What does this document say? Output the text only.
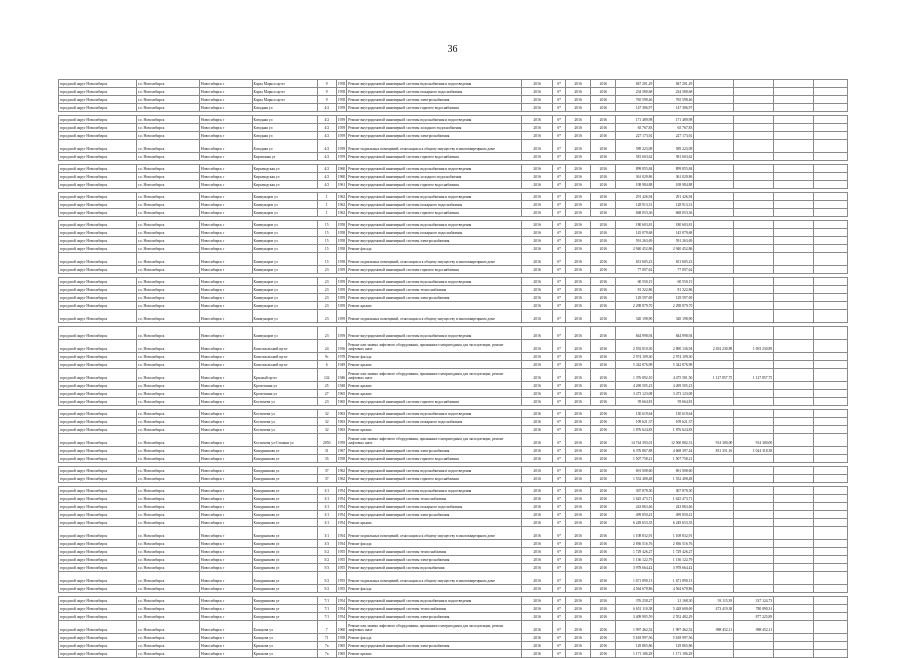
36
городской округ Новосибирск	г.о. Новосибирск	Новосибирск г	Карла Маркса пр-кт	9	1958	Ремонт внутридомовой инженерной системы водоснабжения и водоотведения	2016	6*	2016	2016	847 201,29	847 201,29				
городской округ Новосибирск	г.о. Новосибирск	Новосибирск г	Карла Маркса пр-кт	9	1958	Ремонт внутридомовой инженерной системы пожарного водоснабжения	2016	6*	2016	2016	234 580,68	234 580,68				
городской округ Новосибирск	г.о. Новосибирск	Новосибирск г	Карла Маркса пр-кт	9	1958	Ремонт внутридомовой инженерной системы электроснабжения	2016	6*	2016	2016	765 598,46	765 598,46				
городской округ Новосибирск	г.о. Новосибирск	Новосибирск г	Катодная ул	4/2	1959	Ремонт внутридомовой инженерной системы горячего водоснабжения	2016	6*	2016	2016	147 386,97	147 386,97				

городской округ Новосибирск	г.о. Новосибирск	Новосибирск г	Катодная ул	4/2	1959	Ремонт внутридомовой инженерной системы водоснабжения и водоотведения	2016	6*	2016	2016	171 489,98	171 489,98				
городской округ Новосибирск	г.о. Новосибирск	Новосибирск г	Катодная ул	4/2	1959	Ремонт внутридомовой инженерной системы холодного водоснабжения	2016	6*	2016	2016	65 767,83	65 767,83				
городской округ Новосибирск	г.о. Новосибирск	Новосибирск г	Катодная ул	4/2	1959	Ремонт внутридомовой инженерной системы электроснабжения	2016	6*	2016	2016	227 173,92	227 173,92				
городской округ Новосибирск	г.о. Новосибирск	Новосибирск г	Катодная ул	4/2	1959	Ремонт подвальных помещений, относящихся к общему имуществу в многоквартирном доме	2016	6*	2016	2016	589 223,08	589 223,08				
городской округ Новосибирск	г.о. Новосибирск	Новосибирск г	Кирпичная ул	4/2	1959	Ремонт внутридомовой инженерной системы горячего водоснабжения	2016	6*	2016	2016	581 603,62	581 603,62				

городской округ Новосибирск	г.о. Новосибирск	Новосибирск г	Кирзаводская ул	4/2	1960	Ремонт внутридомовой инженерной системы водоснабжения и водоотведения	2016	6*	2016	2016	899 855,84	899 855,84				
городской округ Новосибирск	г.о. Новосибирск	Новосибирск г	Кирзаводская ул	4/2	1960	Ремонт внутридомовой инженерной системы холодного водоснабжения	2016	6*	2016	2016	361 029,86	361 029,86				
городской округ Новосибирск	г.о. Новосибирск	Новосибирск г	Кирзаводская ул	4/2	1961	Ремонт внутридомовой инженерной системы горячего водоснабжения	2016	6*	2016	2016	108 984,88	108 984,88				

городской округ Новосибирск	г.о. Новосибирск	Новосибирск г	Коммунаров ул	1	1962	Ремонт внутридомовой инженерной системы водоснабжения и водоотведения	2016	6*	2016	2016	291 426,94	291 426,94				
городской округ Новосибирск	г.о. Новосибирск	Новосибирск г	Коммунаров ул	1	1962	Ремонт внутридомовой инженерной системы пожарного водоснабжения	2016	6*	2016	2016	128 913,31	128 913,31				
городской округ Новосибирск	г.о. Новосибирск	Новосибирск г	Коммунаров ул	1	1962	Ремонт внутридомовой инженерной системы горячего водоснабжения	2016	6*	2016	2016	668 053,36	668 053,36				

городской округ Новосибирск	г.о. Новосибирск	Новосибирск г	Коммунаров ул	15	1958	Ремонт внутридомовой инженерной системы водоснабжения и водоотведения	2016	6*	2016	2016	180 603,81	180 603,81				
городской округ Новосибирск	г.о. Новосибирск	Новосибирск г	Коммунаров ул	15	1958	Ремонт внутридомовой инженерной системы пожарного водоснабжения	2016	6*	2016	2016	145 079,68	145 079,68				
городской округ Новосибирск	г.о. Новосибирск	Новосибирск г	Коммунаров ул	15	1958	Ремонт внутридомовой инженерной системы электроснабжения	2016	6*	2016	2016	591 263,69	591 263,69				
городской округ Новосибирск	г.о. Новосибирск	Новосибирск г	Коммунаров ул	15	1958	Ремонт фасада	2016	6*	2016	2016	2 940 452,86	2 940 452,86				
городской округ Новосибирск	г.о. Новосибирск	Новосибирск г	Коммунаров ул	15	1958	Ремонт подвальных помещений, относящихся к общему имуществу в многоквартирном доме	2016	6*	2016	2016	651 605,23	651 605,23				
городской округ Новосибирск	г.о. Новосибирск	Новосибирск г	Коммунаров ул	23	1959	Ремонт внутридомовой инженерной системы горячего водоснабжения	2016	6*	2016	2016	77 097,62	77 097,62				

городской округ Новосибирск	г.о. Новосибирск	Новосибирск г	Коммунаров ул	23	1959	Ремонт внутридомовой инженерной системы водоснабжения и водоотведения	2016	6*	2016	2016	60 550,15	60 550,15				
городской округ Новосибирск	г.о. Новосибирск	Новосибирск г	Коммунаров ул	23	1959	Ремонт внутридомовой инженерной системы теплоснабжения	2016	6*	2016	2016	81 322,86	81 322,86				
городской округ Новосибирск	г.о. Новосибирск	Новосибирск г	Коммунаров ул	23	1959	Ремонт внутридомовой инженерной системы электроснабжения	2016	6*	2016	2016	129 597,69	129 597,69				
городской округ Новосибирск	г.о. Новосибирск	Новосибирск г	Коммунаров ул	23	1959	Ремонт крыши	2016	6*	2016	2016	2 298 879,70	2 298 879,70				
городской округ Новосибирск	г.о. Новосибирск	Новосибирск г	Коммунаров ул	23	1959	Ремонт подвальных помещений, относящихся к общему имуществу в многоквартирном доме	2016	6*	2016	2016	320 198,90	320 198,90				

городской округ Новосибирск	г.о. Новосибирск	Новосибирск г	Коммунаров ул	23	1959	Ремонт внутридомовой инженерной системы водоснабжения и водоотведения	2016	6*	2016	2016	844 998,94	844 998,94				
городской округ Новосибирск	г.о. Новосибирск	Новосибирск г	Комсомольский пр-кт	24	1956	Ремонт или замена лифтового оборудования, признанного непригодным для эксплуатации, ремонт лифтовых шахт	2016	6*	2016	2016	2 592 810,30	2 890 136,94	2 492 230,89	1 693 230,89		
городской округ Новосибирск	г.о. Новосибирск	Новосибирск г	Комсомольский пр-кт	9с	1978	Ремонт фасада	2016	6*	2016	2016	2 974 109,30	2 974 109,30				
городской округ Новосибирск	г.о. Новосибирск	Новосибирск г	Комсомольский пр-кт	6	1949	Ремонт крыши	2016	6*	2016	2016	5 342 876,98	5 342 876,98				
городской округ Новосибирск	г.о. Новосибирск	Новосибирск г	Красный пр-кт	142	1946	Ремонт или замена лифтового оборудования, признанного непригодным для эксплуатации, ремонт лифтовых шахт	2016	6*	2016	2016	1 376 092,10	4 475 581,50	1 127 857,75	1 127 857,75		
городской округ Новосибирск	г.о. Новосибирск	Новосибирск г	Кропоткина ул	25	1948	Ремонт крыши	2016	6*	2016	2016	4 269 505,23	4 269 505,23				
городской округ Новосибирск	г.о. Новосибирск	Новосибирск г	Кропоткина ул	27	1965	Ремонт крыши	2016	6*	2016	2016	3 473 123,08	3 473 123,08				
городской округ Новосибирск	г.о. Новосибирск	Новосибирск г	Костычева ул	23	1965	Ремонт внутридомовой инженерной системы горячего водоснабжения	2016	6*	2016	2016	59 664,81	59 664,81				

городской округ Новосибирск	г.о. Новосибирск	Новосибирск г	Костычева ул	32	1963	Ремонт внутридомовой инженерной системы водоснабжения и водоотведения	2016	6*	2016	2016	130 619,64	130 619,64				
городской округ Новосибирск	г.о. Новосибирск	Новосибирск г	Костычева ул	32	1963	Ремонт внутридомовой инженерной системы пожарного водоснабжения	2016	6*	2016	2016	109 621,37	109 621,37				
городской округ Новосибирск	г.о. Новосибирск	Новосибирск г	Костычева ул	32	1963	Ремонт крыши	2016	6*	2016	2016	1 876 624,83	1 876 624,83				
городской округ Новосибирск	г.о. Новосибирск	Новосибирск г	Костычева ул-Стеньки ул	2050	1959	Ремонт или замена лифтового оборудования, признанного непригодным для эксплуатации, ремонт лифтовых шахт	2016	6*	2016	2016	14 744 393,01	12 560 082,31	914 300,00	914 300,00		
городской округ Новосибирск	г.о. Новосибирск	Новосибирск г	Кошурникова ул	31	1967	Ремонт внутридомовой инженерной системы электроснабжения	2016	6*	2016	2016	6 376 867,88	4 668 397,44	831 351,16	1 024 318,38		
городской округ Новосибирск	г.о. Новосибирск	Новосибирск г	Кошурникова ул	35	1958	Ремонт внутридомовой инженерной системы горячего водоснабжения	2016	6*	2016	2016	1 507 758,21	1 507 758,21				

городской округ Новосибирск	г.о. Новосибирск	Новосибирск г	Кошурникова ул	37	1962	Ремонт внутридомовой инженерной системы водоснабжения и водоотведения	2016	6*	2016	2016	691 008,60	691 008,60				
городской округ Новосибирск	г.о. Новосибирск	Новосибирск г	Кошурникова ул	37	1962	Ремонт внутридомовой инженерной системы горячего водоснабжения	2016	6*	2016	2016	1 552 408,48	1 552 408,48				

городской округ Новосибирск	г.о. Новосибирск	Новосибирск г	Кошурникова ул	3/1	1954	Ремонт внутридомовой инженерной системы водоснабжения и водоотведения	2016	6*	2016	2016	307 878,30	307 878,30				
городской округ Новосибирск	г.о. Новосибирск	Новосибирск г	Кошурникова ул	3/1	1954	Ремонт внутридомовой инженерной системы теплоснабжения	2016	6*	2016	2016	1 625 473,71	1 625 473,71				
городской округ Новосибирск	г.о. Новосибирск	Новосибирск г	Кошурникова ул	3/1	1954	Ремонт внутридомовой инженерной системы пожарного водоснабжения	2016	6*	2016	2016	243 863,46	243 863,46				
городской округ Новосибирск	г.о. Новосибирск	Новосибирск г	Кошурникова ул	3/1	1954	Ремонт внутридомовой инженерной системы электроснабжения	2016	6*	2016	2016	499 850,41	499 850,41				
городской округ Новосибирск	г.о. Новосибирск	Новосибирск г	Кошурникова ул	3/1	1954	Ремонт крыши	2016	6*	2016	2016	6 249 653,35	6 249 653,35				
городской округ Новосибирск	г.о. Новосибирск	Новосибирск г	Кошурникова ул	3/1	1954	Ремонт подвальных помещений, относящихся к общему имуществу в многоквартирном доме	2016	6*	2016	2016	1 108 832,91	1 108 832,91				
городской округ Новосибирск	г.о. Новосибирск	Новосибирск г	Кошурникова ул	3/3	1954	Ремонт фасада	2016	6*	2016	2016	2 836 516,76	2 836 516,76				
городской округ Новосибирск	г.о. Новосибирск	Новосибирск г	Кошурникова ул	5/2	1955	Ремонт внутридомовой инженерной системы теплоснабжения	2016	6*	2016	2016	1 729 426,27	1 729 426,27				
городской округ Новосибирск	г.о. Новосибирск	Новосибирск г	Кошурникова ул	5/2	1955	Ремонт внутридомовой инженерной системы электроснабжения	2016	6*	2016	2016	1 136 122,79	1 136 122,79				
городской округ Новосибирск	г.о. Новосибирск	Новосибирск г	Кошурникова ул	5/3	1955	Ремонт внутридомовой инженерной системы водоснабжения	2016	6*	2016	2016	3 978 664,42	3 978 664,42				
городской округ Новосибирск	г.о. Новосибирск	Новосибирск г	Кошурникова ул	5/2	1955	Ремонт подвальных помещений, относящихся к общему имуществу в многоквартирном доме	2016	6*	2016	2016	1 671 890,13	1 671 890,13				
городской округ Новосибирск	г.о. Новосибирск	Новосибирск г	Кошурникова ул	5/2	1955	Ремонт фасада	2016	6*	2016	2016	4 564 678,86	4 564 678,86				

городской округ Новосибирск	г.о. Новосибирск	Новосибирск г	Кошурникова ул	7/1	1954	Ремонт внутридомовой инженерной системы водоснабжения и водоотведения	2016	6*	2016	2016	376 258,27	21 168,30	93 115,39	337 124,73		
городской округ Новосибирск	г.о. Новосибирск	Новосибирск г	Кошурникова ул	7/1	1954	Ремонт внутридомовой инженерной системы теплоснабжения	2016	6*	2016	2016	6 651 110,38	5 428 600,69	473 419,38	780 090,31		
городской округ Новосибирск	г.о. Новосибирск	Новосибирск г	Кошурникова ул	7/1	1954	Ремонт внутридомовой инженерной системы электроснабжения	2016	6*	2016	2016	3 409 905,59	2 552 482,29		877 225,89		
городской округ Новосибирск	г.о. Новосибирск	Новосибирск г	Кольцова ул	7	1960	Ремонт или замена лифтового оборудования, признанного непригодным для эксплуатации, ремонт лифтовых шахт	2016	6*	2016	2016	1 997 462,52	1 997 462,52	988 452,11	988 452,11		
городской округ Новосибирск	г.о. Новосибирск	Новосибирск г	Кольцова ул	71	1958	Ремонт фасада	2016	6*	2016	2016	5 618 997,56	5 618 997,56				
городской округ Новосибирск	г.о. Новосибирск	Новосибирск г	Краснова ул	7а	1965	Ремонт внутридомовой инженерной системы электроснабжения	2016	6*	2016	2016	129 865,86	129 865,86				
городской округ Новосибирск	г.о. Новосибирск	Новосибирск г	Краснова ул	7а	1965	Ремонт крыши	2016	6*	2016	2016	1 171 186,28	1 171 186,28				
